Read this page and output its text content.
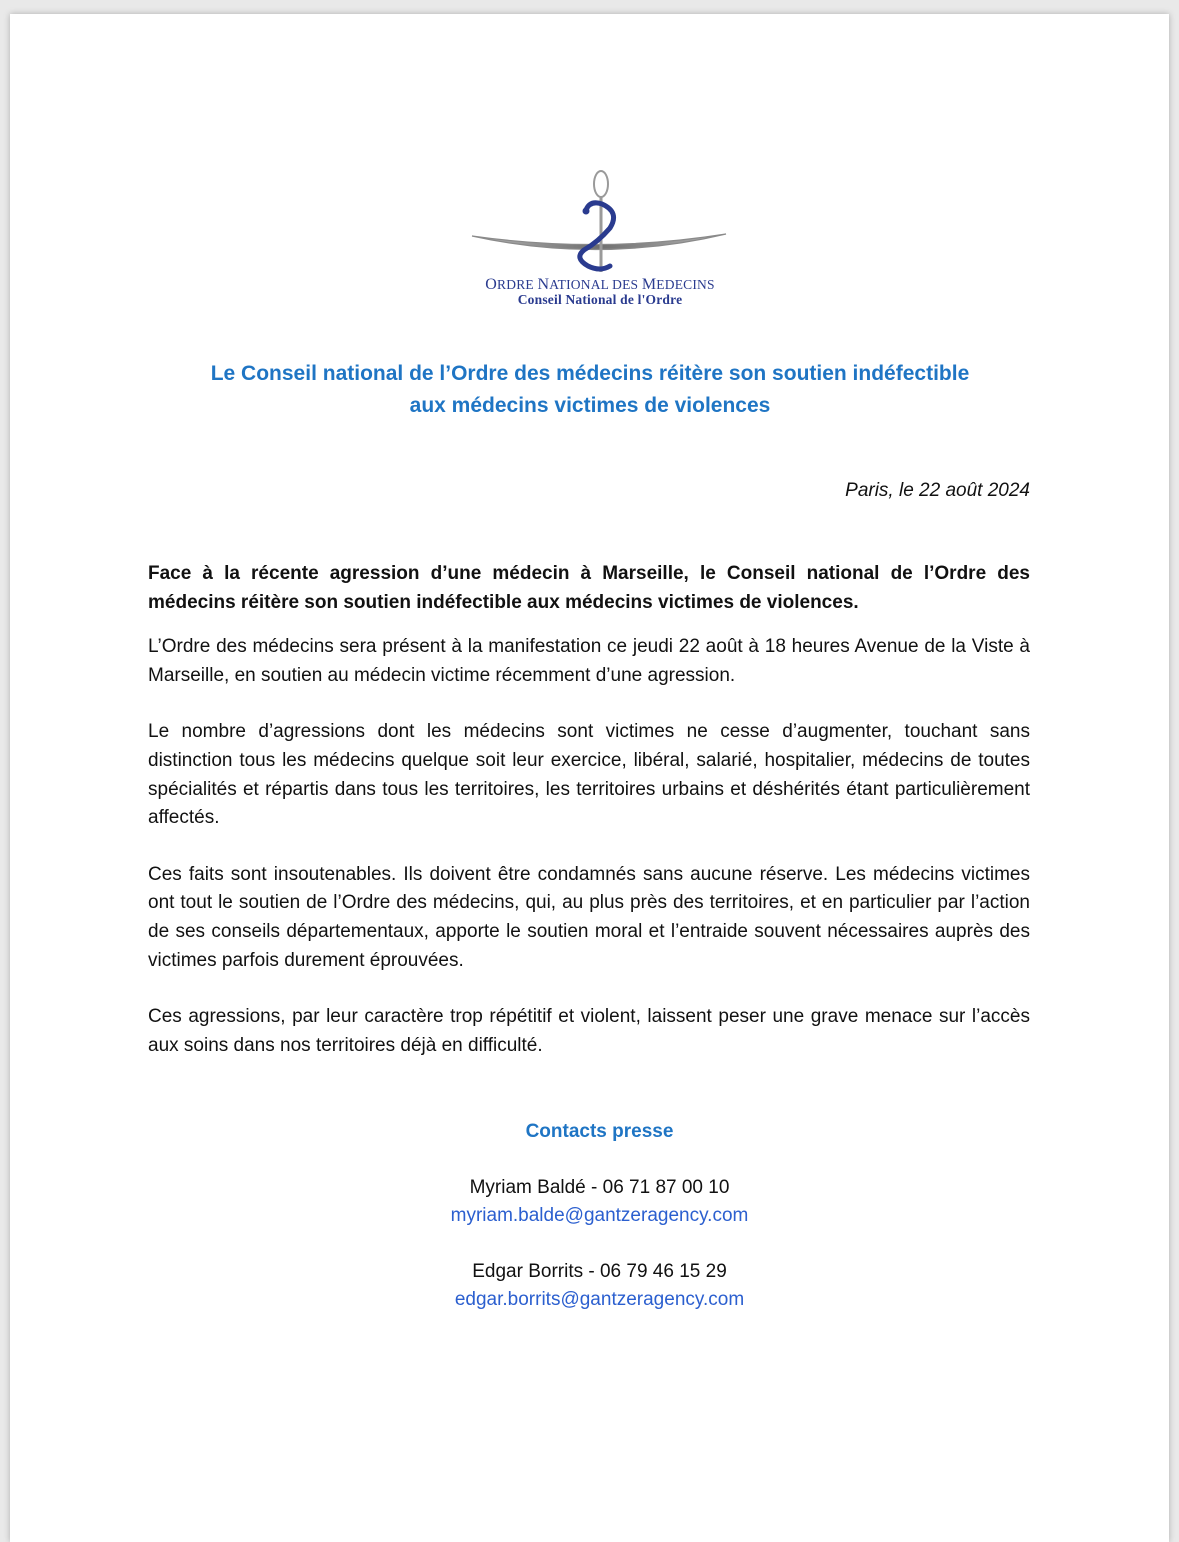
ORDRE NATIONAL DES MEDECINS
Conseil National de l'Ordre
Le Conseil national de l’Ordre des médecins réitère son soutien indéfectible
aux médecins victimes de violences
Paris, le 22 août 2024

Face à la récente agression d’une médecin à Marseille, le Conseil national de l’Ordre des médecins réitère son soutien indéfectible aux médecins victimes de violences.

L’Ordre des médecins sera présent à la manifestation ce jeudi 22 août à 18 heures Avenue de la Viste à Marseille, en soutien au médecin victime récemment d’une agression.

Le nombre d’agressions dont les médecins sont victimes ne cesse d’augmenter, touchant sans distinction tous les médecins quelque soit leur exercice, libéral, salarié, hospitalier, médecins de toutes spécialités et répartis dans tous les territoires, les territoires urbains et déshérités étant particulièrement affectés.

Ces faits sont insoutenables. Ils doivent être condamnés sans aucune réserve. Les médecins victimes ont tout le soutien de l’Ordre des médecins, qui, au plus près des territoires, et en particulier par l’action de ses conseils départementaux, apporte le soutien moral et l’entraide souvent nécessaires auprès des victimes parfois durement éprouvées.

Ces agressions, par leur caractère trop répétitif et violent, laissent peser une grave menace sur l’accès aux soins dans nos territoires déjà en difficulté.

Contacts presse
Myriam Baldé - 06 71 87 00 10
myriam.balde@gantzeragency.com
Edgar Borrits - 06 79 46 15 29
edgar.borrits@gantzeragency.com
